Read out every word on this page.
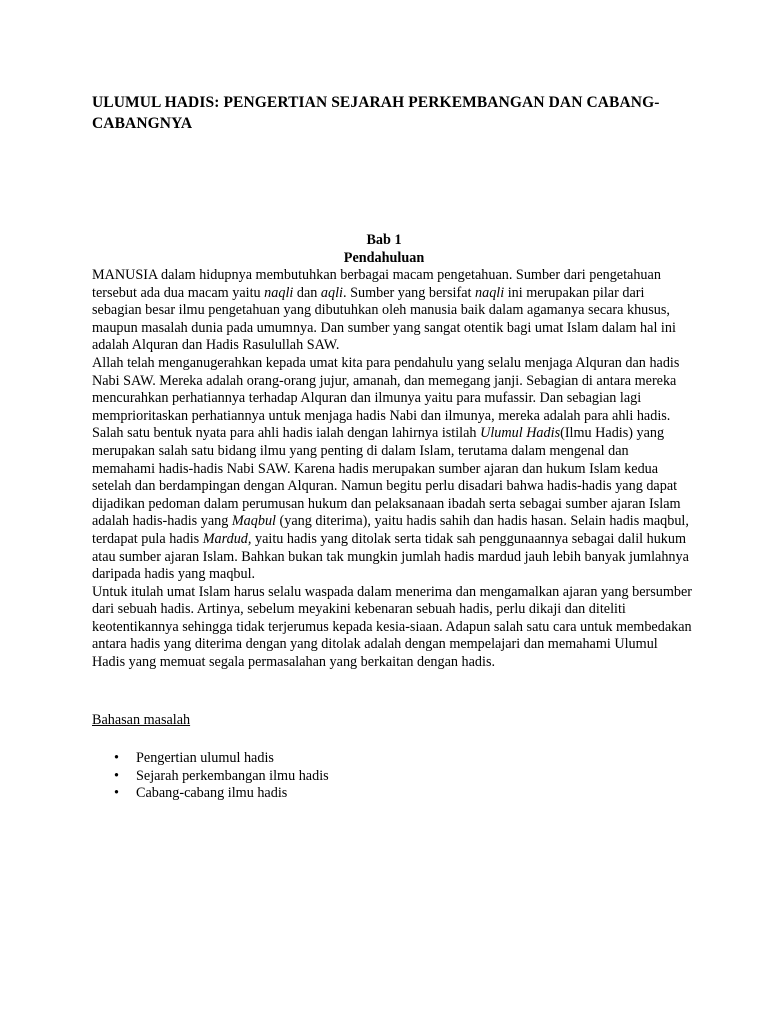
ULUMUL HADIS: PENGERTIAN SEJARAH PERKEMBANGAN DAN CABANG-CABANGNYA
Bab 1
Pendahuluan

MANUSIA dalam hidupnya membutuhkan berbagai macam pengetahuan. Sumber dari pengetahuan tersebut ada dua macam yaitu naqli dan aqli. Sumber yang bersifat naqli ini merupakan pilar dari sebagian besar ilmu pengetahuan yang dibutuhkan oleh manusia baik dalam agamanya secara khusus, maupun masalah dunia pada umumnya. Dan sumber yang sangat otentik bagi umat Islam dalam hal ini adalah Alquran dan Hadis Rasulullah SAW.

Allah telah menganugerahkan kepada umat kita para pendahulu yang selalu menjaga Alquran dan hadis Nabi SAW. Mereka adalah orang-orang jujur, amanah, dan memegang janji. Sebagian di antara mereka mencurahkan perhatiannya terhadap Alquran dan ilmunya yaitu para mufassir. Dan sebagian lagi memprioritaskan perhatiannya untuk menjaga hadis Nabi dan ilmunya, mereka adalah para ahli hadis.

Salah satu bentuk nyata para ahli hadis ialah dengan lahirnya istilah Ulumul Hadis(Ilmu Hadis) yang merupakan salah satu bidang ilmu yang penting di dalam Islam, terutama dalam mengenal dan memahami hadis-hadis Nabi SAW. Karena hadis merupakan sumber ajaran dan hukum Islam kedua setelah dan berdampingan dengan Alquran. Namun begitu perlu disadari bahwa hadis-hadis yang dapat dijadikan pedoman dalam perumusan hukum dan pelaksanaan ibadah serta sebagai sumber ajaran Islam adalah hadis-hadis yang Maqbul (yang diterima), yaitu hadis sahih dan hadis hasan. Selain hadis maqbul, terdapat pula hadis Mardud, yaitu hadis yang ditolak serta tidak sah penggunaannya sebagai dalil hukum atau sumber ajaran Islam. Bahkan bukan tak mungkin jumlah hadis mardud jauh lebih banyak jumlahnya daripada hadis yang maqbul.

Untuk itulah umat Islam harus selalu waspada dalam menerima dan mengamalkan ajaran yang bersumber dari sebuah hadis. Artinya, sebelum meyakini kebenaran sebuah hadis, perlu dikaji dan diteliti keotentikannya sehingga tidak terjerumus kepada kesia-siaan. Adapun salah satu cara untuk membedakan antara hadis yang diterima dengan yang ditolak adalah dengan mempelajari dan memahami Ulumul Hadis yang memuat segala permasalahan yang berkaitan dengan hadis.

Bahasan masalah

• Pengertian ulumul hadis
• Sejarah perkembangan ilmu hadis
• Cabang-cabang ilmu hadis
